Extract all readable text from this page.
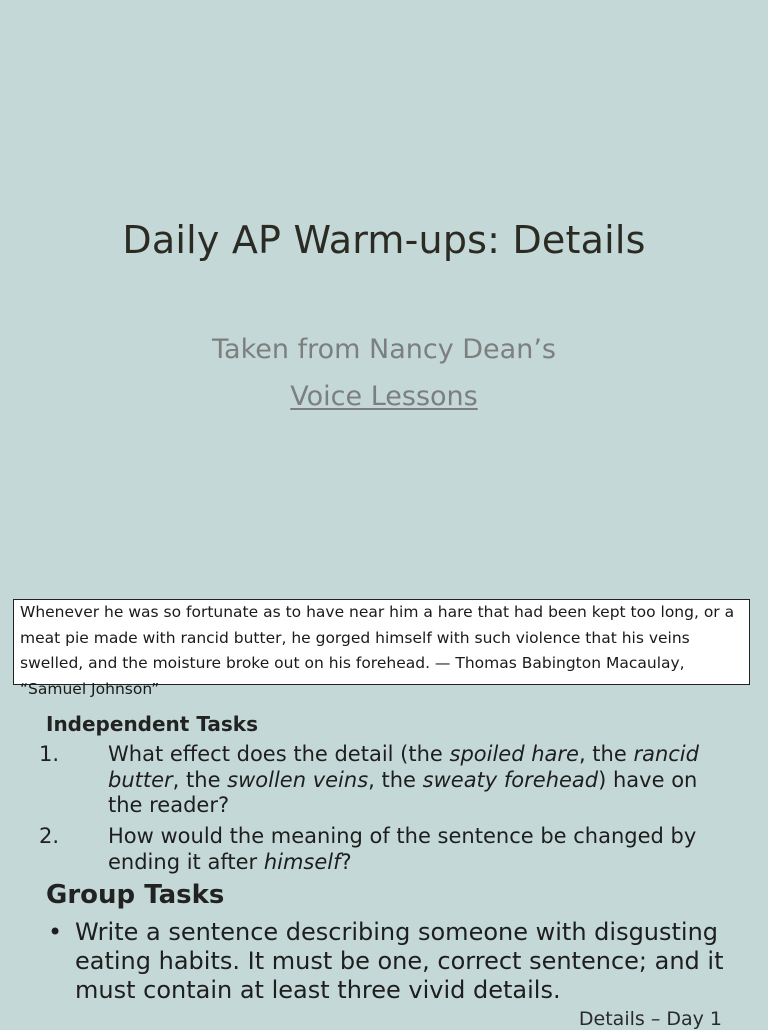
Daily AP Warm-ups: Details
Taken from Nancy Dean’s
Voice Lessons
Whenever he was so fortunate as to have near him a hare that had been kept too long, or a meat pie made with rancid butter, he gorged himself with such violence that his veins swelled, and the moisture broke out on his forehead. — Thomas Babington Macaulay, “Samuel Johnson”
Independent Tasks
1. What effect does the detail (the spoiled hare, the rancid butter, the swollen veins, the sweaty forehead) have on the reader?
2. How would the meaning of the sentence be changed by ending it after himself?
Group Tasks
• Write a sentence describing someone with disgusting eating habits. It must be one, correct sentence; and it must contain at least three vivid details.
Details – Day 1
